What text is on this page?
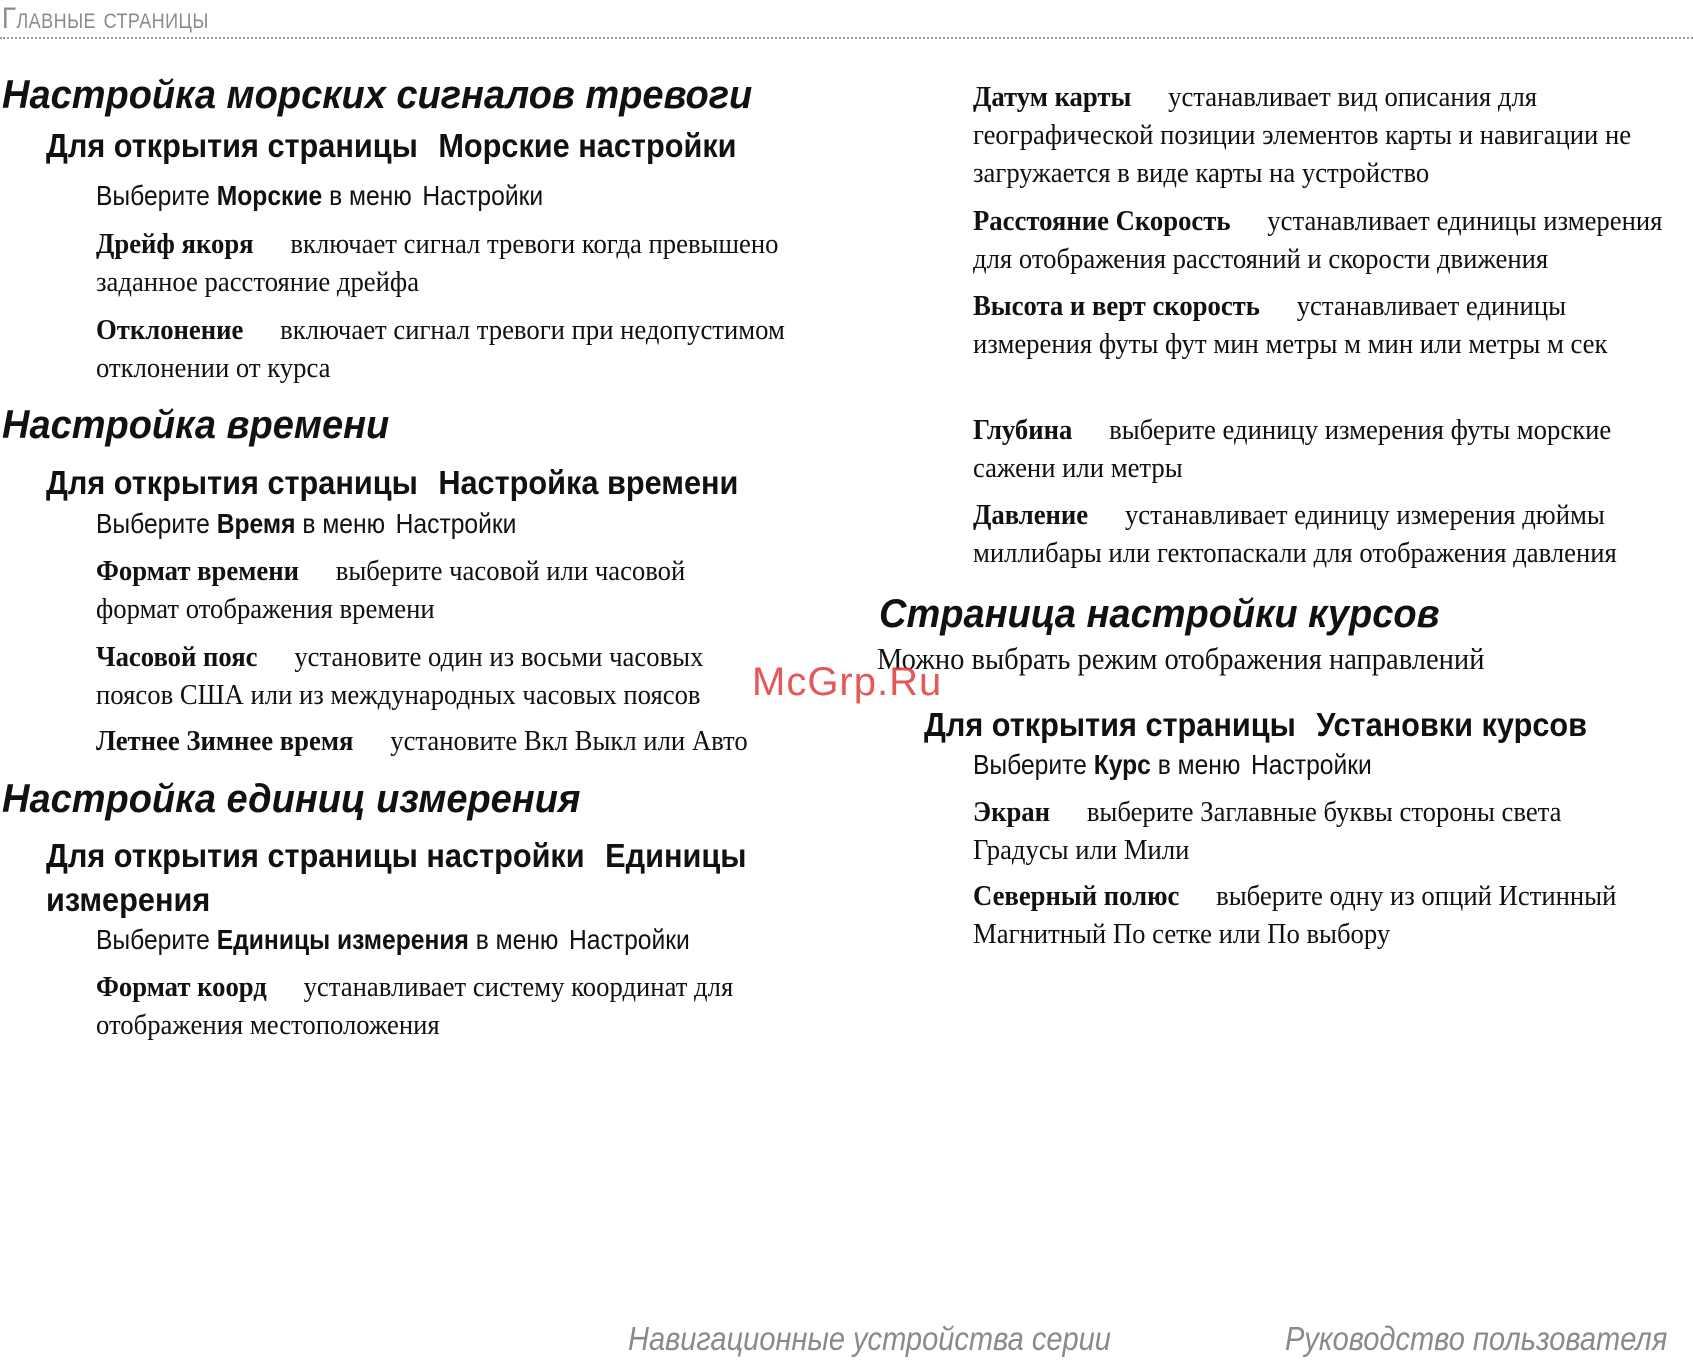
Главные страницы
Настройка морских сигналов тревоги
Для открытия страницы Морские настройки
Выберите Морские в меню Настройки
Дрейф якоря включает сигнал тревоги когда превышено заданное расстояние дрейфа
Отклонение включает сигнал тревоги при недопустимом отклонении от курса
Настройка времени
Для открытия страницы Настройка времени
Выберите Время в меню Настройки
Формат времени выберите часовой или часовой формат отображения времени
Часовой пояс установите один из восьми часовых поясов США или из международных часовых поясов
Летнее Зимнее время установите Вкл Выкл или Авто
Настройка единиц измерения
Для открытия страницы настройки Единицы измерения
Выберите Единицы измерения в меню Настройки
Формат коорд устанавливает систему координат для отображения местоположения
Датум карты устанавливает вид описания для географической позиции элементов карты и навигации не загружается в виде карты на устройство
Расстояние Скорость устанавливает единицы измерения для отображения расстояний и скорости движения
Высота и верт скорость устанавливает единицы измерения футы фут мин метры м мин или метры м сек
Глубина выберите единицу измерения футы морские сажени или метры
Давление устанавливает единицу измерения дюймы миллибары или гектопаскали для отображения давления
Страница настройки курсов
Можно выбрать режим отображения направлений
Для открытия страницы Установки курсов
Выберите Курс в меню Настройки
Экран выберите Заглавные буквы стороны света Градусы или Мили
Северный полюс выберите одну из опций Истинный Магнитный По сетке или По выбору
McGrp.Ru
Навигационные устройства серии	Руководство пользователя
